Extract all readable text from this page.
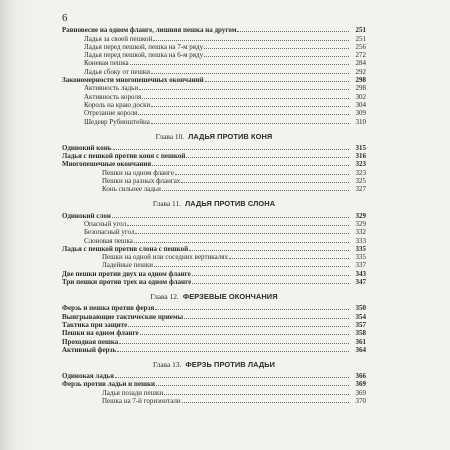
6
Равновесие на одном фланге, лишняя пешка на другом	251
Ладья за своей пешкой	251
Ладья перед пешкой, пешка на 7-м ряду	256
Ладья перед пешкой, пешка на 6-м ряду	272
Коневая пешка	284
Ладья сбоку от пешки	292
Закономерности многопешечных окончаний	298
Активность ладьи	298
Активность короля	302
Король на краю доски	304
Отрезание короля	309
Шедевр Рубинштейна	310
Глава 10. ЛАДЬЯ ПРОТИВ КОНЯ
Одинокий конь	315
Ладья с пешкой против коня с пешкой	316
Многопешечные окончания	323
Пешки на одном фланге	323
Пешки на разных флангах	325
Конь сильнее ладьи	327
Глава 11. ЛАДЬЯ ПРОТИВ СЛОНА
Одинокий слон	329
Опасный угол	329
Безопасный угол	332
Слоновая пешка	333
Ладья с пешкой против слона с пешкой	335
Пешки на одной или соседних вертикалях	335
Ладейные пешки	337
Две пешки против двух на одном фланге	343
Три пешки против трех на одном фланге	347
Глава 12. ФЕРЗЕВЫЕ ОКОНЧАНИЯ
Ферзь и пешка против ферзя	350
Выигрывающие тактические приемы	354
Тактика при защите	357
Пешки на одном фланге	358
Проходная пешка	361
Активный ферзь	364
Глава 13. ФЕРЗЬ ПРОТИВ ЛАДЬИ
Одинокая ладья	366
Ферзь против ладьи и пешки	369
Ладья позади пешки	369
Пешка на 7-й горизонтали	370
